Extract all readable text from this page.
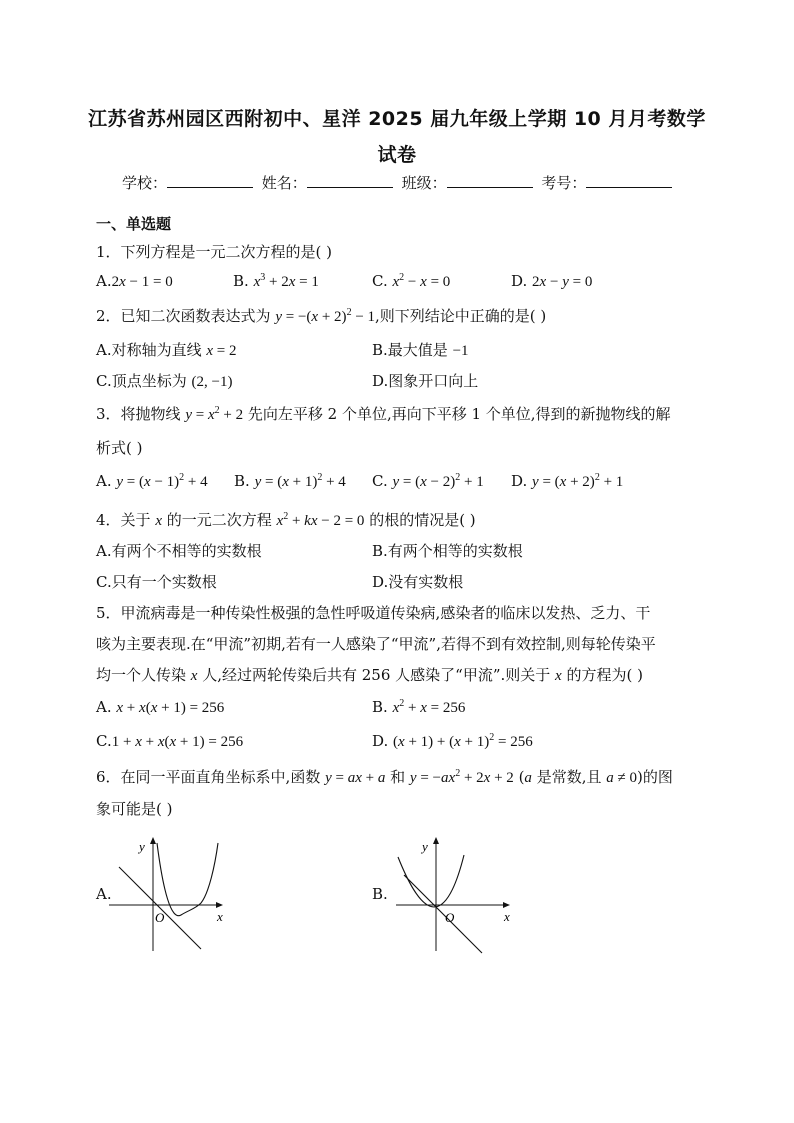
江苏省苏州园区西附初中、星洋 2025 届九年级上学期 10 月月考数学
试卷
学校：	姓名：	班级：	考号：
一、单选题
1．下列方程是一元二次方程的是( )
A.2x − 1 = 0	B. $x^3 + 2x = 1$	C. $x^2 - x = 0$	D. 2x − y = 0
2．已知二次函数表达式为 $y = -(x + 2)^2 - 1$,则下列结论中正确的是( )
A.对称轴为直线 x = 2	B.最大值是 −1
C.顶点坐标为 (2, −1)	D.图象开口向上
3．将抛物线 $y = x^2 + 2$ 先向左平移 2 个单位,再向下平移 1 个单位,得到的新抛物线的解
析式( )
A. $y = (x - 1)^2 + 4$ B. $y = (x + 1)^2 + 4$ C. $y = (x - 2)^2 + 1$ D. $y = (x + 2)^2 + 1$
4．关于 x 的一元二次方程 $x^2$ + kx − 2 = 0 的根的情况是( )
A.有两个不相等的实数根	B.有两个相等的实数根
C.只有一个实数根	D.没有实数根
5．甲流病毒是一种传染性极强的急性呼吸道传染病,感染者的临床以发热、乏力、干
咳为主要表现.在“甲流”初期,若有一人感染了“甲流”,若得不到有效控制,则每轮传染平
均一个人传染 x 人,经过两轮传染后共有 256 人感染了“甲流”.则关于 x 的方程为( )
A. x + x(x + 1) = 256	B. $x^2 + x = 256$
C.1 + x + x(x + 1) = 256	D. $(x + 1) + (x + 1)^2 = 256$
6．在同一平面直角坐标系中,函数 y = ax + a 和 $y = -ax^2 + 2x + 2$ (a 是常数,且 a ≠ 0)的图
象可能是( )
A.
y
x
O
B.
y
x
O
